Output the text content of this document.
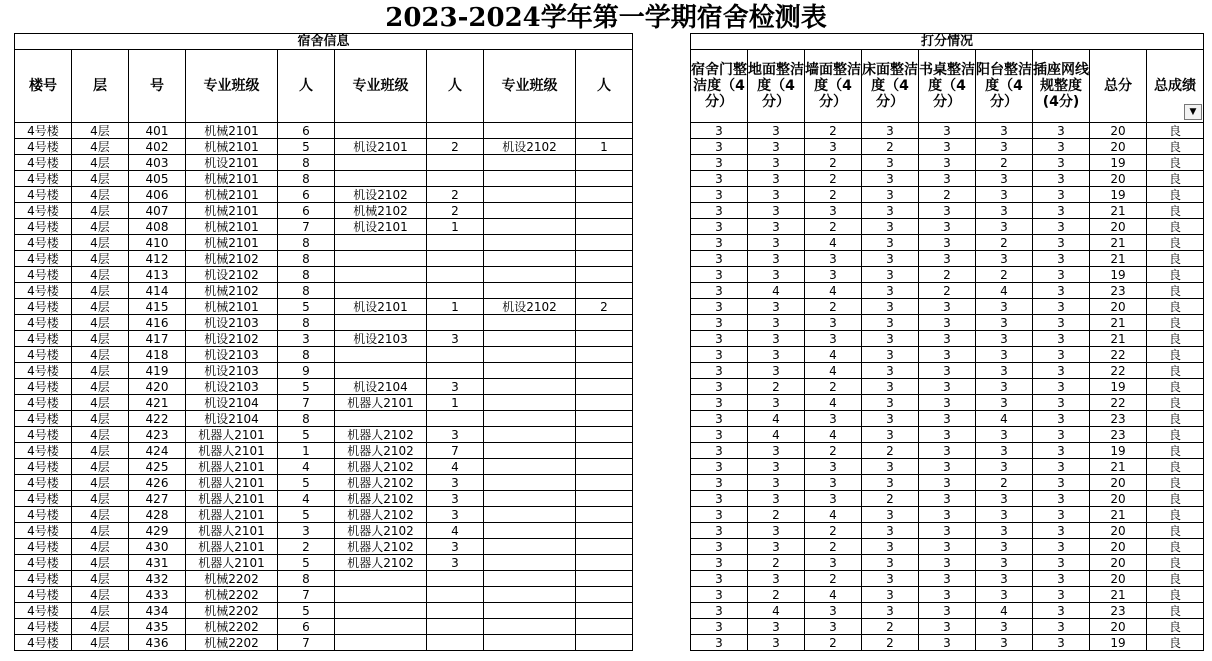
2023-2024学年第一学期宿舍检测表
宿舍信息								
楼号	层	号	专业班级	人	专业班级	人	专业班级	人
4号楼	4层	401	机械2101	6				
4号楼	4层	402	机械2101	5	机设2101	2	机设2102	1
4号楼	4层	403	机设2101	8				
4号楼	4层	405	机械2101	8				
4号楼	4层	406	机械2101	6	机设2102	2		
4号楼	4层	407	机械2101	6	机械2102	2		
4号楼	4层	408	机械2101	7	机设2101	1		
4号楼	4层	410	机械2101	8				
4号楼	4层	412	机械2102	8				
4号楼	4层	413	机设2102	8				
4号楼	4层	414	机械2102	8				
4号楼	4层	415	机械2101	5	机设2101	1	机设2102	2
4号楼	4层	416	机设2103	8				
4号楼	4层	417	机设2102	3	机设2103	3		
4号楼	4层	418	机设2103	8				
4号楼	4层	419	机设2103	9				
4号楼	4层	420	机设2103	5	机设2104	3		
4号楼	4层	421	机设2104	7	机器人2101	1		
4号楼	4层	422	机设2104	8				
4号楼	4层	423	机器人2101	5	机器人2102	3		
4号楼	4层	424	机器人2101	1	机器人2102	7		
4号楼	4层	425	机器人2101	4	机器人2102	4		
4号楼	4层	426	机器人2101	5	机器人2102	3		
4号楼	4层	427	机器人2101	4	机器人2102	3		
4号楼	4层	428	机器人2101	5	机器人2102	3		
4号楼	4层	429	机器人2101	3	机器人2102	4		
4号楼	4层	430	机器人2101	2	机器人2102	3		
4号楼	4层	431	机器人2101	5	机器人2102	3		
4号楼	4层	432	机械2202	8				
4号楼	4层	433	机械2202	7				
4号楼	4层	434	机械2202	5				
4号楼	4层	435	机械2202	6				
4号楼	4层	436	机械2202	7				
打分情况								
宿舍门整洁度（4分）	地面整洁度（4分）	墙面整洁度（4分）	床面整洁度（4分）	书桌整洁度（4分）	阳台整洁度（4分）	插座网线规整度(4分)	总分	总成绩
▼

3	3	2	3	3	3	3	20	良
3	3	3	2	3	3	3	20	良
3	3	2	3	3	2	3	19	良
3	3	2	3	3	3	3	20	良
3	3	2	3	2	3	3	19	良
3	3	3	3	3	3	3	21	良
3	3	2	3	3	3	3	20	良
3	3	4	3	3	2	3	21	良
3	3	3	3	3	3	3	21	良
3	3	3	3	2	2	3	19	良
3	4	4	3	2	4	3	23	良
3	3	2	3	3	3	3	20	良
3	3	3	3	3	3	3	21	良
3	3	3	3	3	3	3	21	良
3	3	4	3	3	3	3	22	良
3	3	4	3	3	3	3	22	良
3	2	2	3	3	3	3	19	良
3	3	4	3	3	3	3	22	良
3	4	3	3	3	4	3	23	良
3	4	4	3	3	3	3	23	良
3	3	2	2	3	3	3	19	良
3	3	3	3	3	3	3	21	良
3	3	3	3	3	2	3	20	良
3	3	3	2	3	3	3	20	良
3	2	4	3	3	3	3	21	良
3	3	2	3	3	3	3	20	良
3	3	2	3	3	3	3	20	良
3	2	3	3	3	3	3	20	良
3	3	2	3	3	3	3	20	良
3	2	4	3	3	3	3	21	良
3	4	3	3	3	4	3	23	良
3	3	3	2	3	3	3	20	良
3	3	2	2	3	3	3	19	良
